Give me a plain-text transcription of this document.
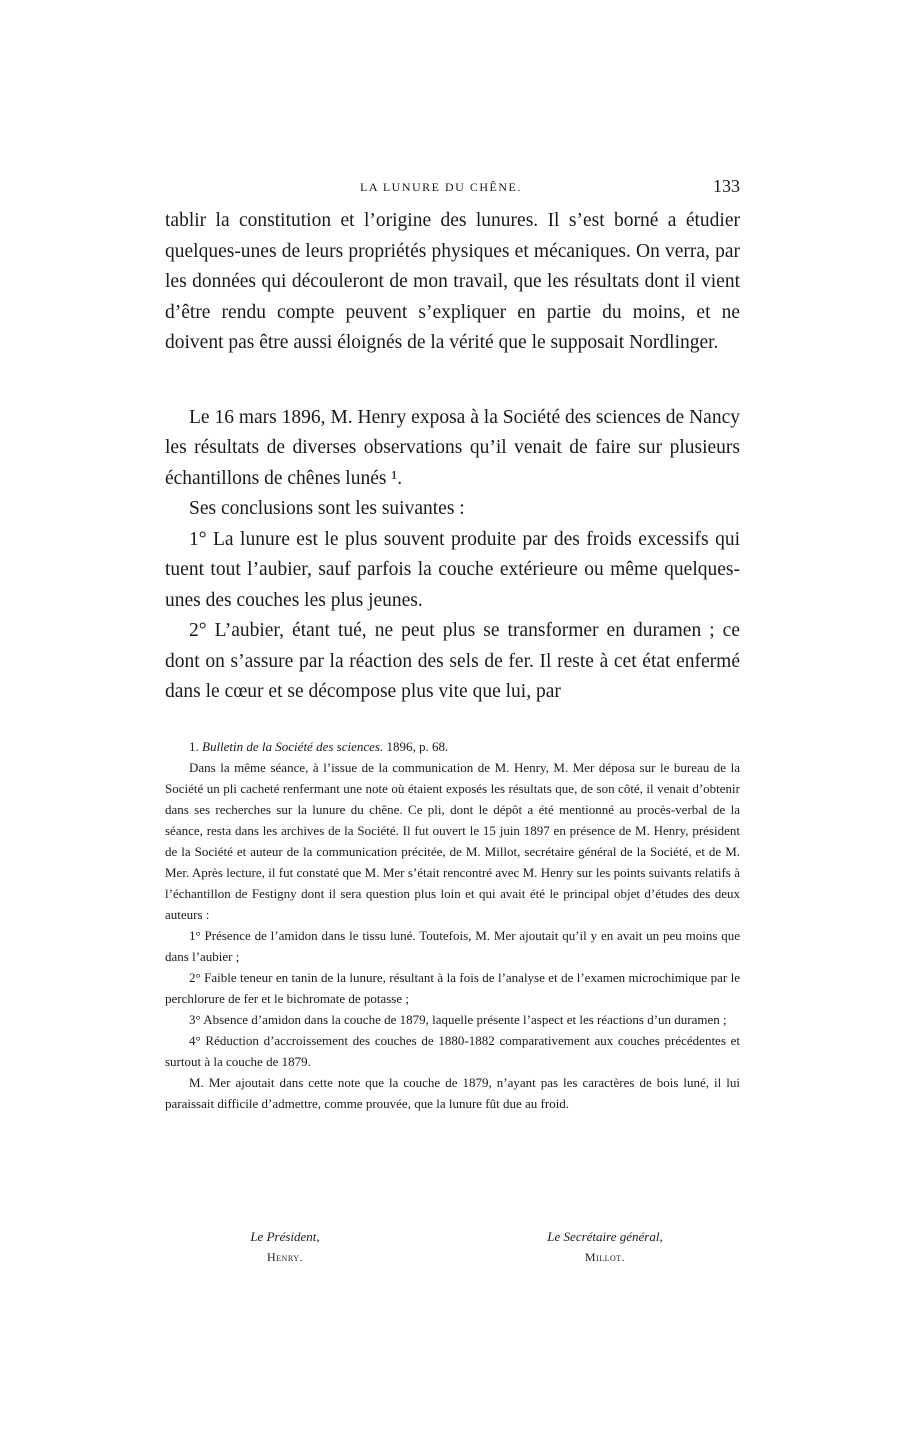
LA LUNURE DU CHÊNE.	133

tablir la constitution et l’origine des lunures. Il s’est borné a étudier quelques-unes de leurs propriétés physiques et mécaniques. On verra, par les données qui découleront de mon travail, que les résultats dont il vient d’être rendu compte peuvent s’expliquer en partie du moins, et ne doivent pas être aussi éloignés de la vérité que le supposait Nordlinger.

Le 16 mars 1896, M. Henry exposa à la Société des sciences de Nancy les résultats de diverses observations qu’il venait de faire sur plusieurs échantillons de chênes lunés ¹.

Ses conclusions sont les suivantes :

1° La lunure est le plus souvent produite par des froids excessifs qui tuent tout l’aubier, sauf parfois la couche extérieure ou même quelques-unes des couches les plus jeunes.

2° L’aubier, étant tué, ne peut plus se transformer en duramen ; ce dont on s’assure par la réaction des sels de fer. Il reste à cet état enfermé dans le cœur et se décompose plus vite que lui, par

1. Bulletin de la Société des sciences. 1896, p. 68.

Dans la même séance, à l’issue de la communication de M. Henry, M. Mer déposa sur le bureau de la Société un pli cacheté renfermant une note où étaient exposés les résultats que, de son côté, il venait d’obtenir dans ses recherches sur la lunure du chêne. Ce pli, dont le dépôt a été mentionné au procès-verbal de la séance, resta dans les archives de la Société. Il fut ouvert le 15 juin 1897 en présence de M. Henry, président de la Société et auteur de la communication précitée, de M. Millot, secrétaire général de la Société, et de M. Mer. Après lecture, il fut constaté que M. Mer s’était rencontré avec M. Henry sur les points suivants relatifs à l’échantillon de Festigny dont il sera question plus loin et qui avait été le principal objet d’études des deux auteurs :

1° Présence de l’amidon dans le tissu luné. Toutefois, M. Mer ajoutait qu’il y en avait un peu moins que dans l’aubier ;

2° Faible teneur en tanin de la lunure, résultant à la fois de l’analyse et de l’examen microchimique par le perchlorure de fer et le bichromate de potasse ;

3° Absence d’amidon dans la couche de 1879, laquelle présente l’aspect et les réactions d’un duramen ;

4° Réduction d’accroissement des couches de 1880-1882 comparativement aux couches précédentes et surtout à la couche de 1879.

M. Mer ajoutait dans cette note que la couche de 1879, n’ayant pas les caractères de bois luné, il lui paraissait difficile d’admettre, comme prouvée, que la lunure fût due au froid.

Le Président,
Henry.
Le Secrétaire général,
Millot.
